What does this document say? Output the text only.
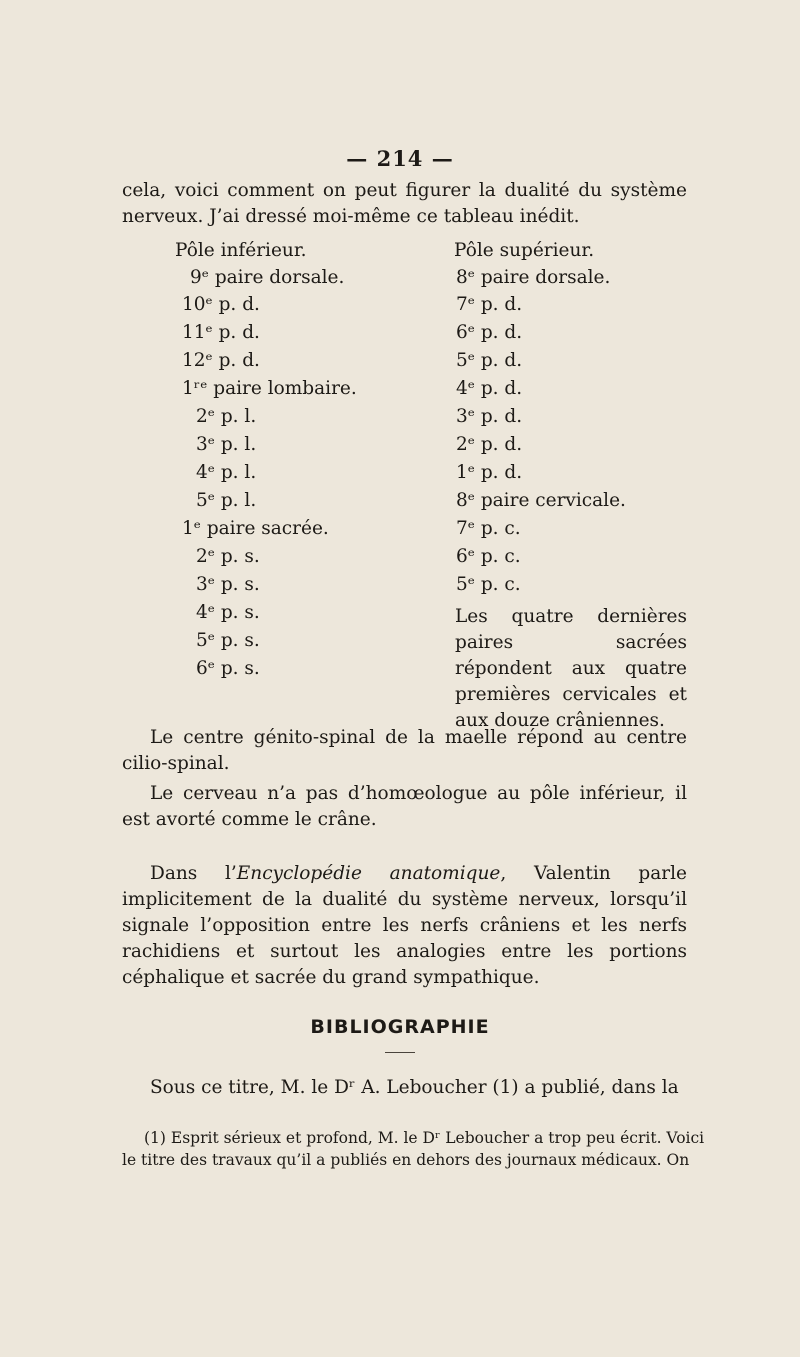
— 214 —
cela, voici comment on peut figurer la dualité du système nerveux. J’ai dressé moi-même ce tableau inédit.
Pôle inférieur.	Pôle supérieur.
9ᵉ paire dorsale.
10ᵉ p. d.
11ᵉ p. d.
12ᵉ p. d.
1ʳᵉ paire lombaire.
2ᵉ p. l.
3ᵉ p. l.
4ᵉ p. l.
5ᵉ p. l.
1ᵉ paire sacrée.
2ᵉ p. s.
3ᵉ p. s.
4ᵉ p. s.
5ᵉ p. s.
6ᵉ p. s.
8ᵉ paire dorsale.
7ᵉ p. d.
6ᵉ p. d.
5ᵉ p. d.
4ᵉ p. d.
3ᵉ p. d.
2ᵉ p. d.
1ᵉ p. d.
8ᵉ paire cervicale.
7ᵉ p. c.
6ᵉ p. c.
5ᵉ p. c.
Les quatre dernières paires sacrées répondent aux quatre premières cervicales et aux douze crâniennes.
Le centre génito-spinal de la maelle répond au centre cilio-spinal.
Le cerveau n’a pas d’homœologue au pôle inférieur, il est avorté comme le crâne.
Dans l’Encyclopédie anatomique, Valentin parle implicitement de la dualité du système nerveux, lorsqu’il signale l’opposition entre les nerfs crâniens et les nerfs rachidiens et surtout les analogies entre les portions céphalique et sacrée du grand sympathique.
BIBLIOGRAPHIE
Sous ce titre, M. le Dʳ A. Leboucher (1) a publié, dans la
(1) Esprit sérieux et profond, M. le Dʳ Leboucher a trop peu écrit. Voici
le titre des travaux qu’il a publiés en dehors des journaux médicaux. On
